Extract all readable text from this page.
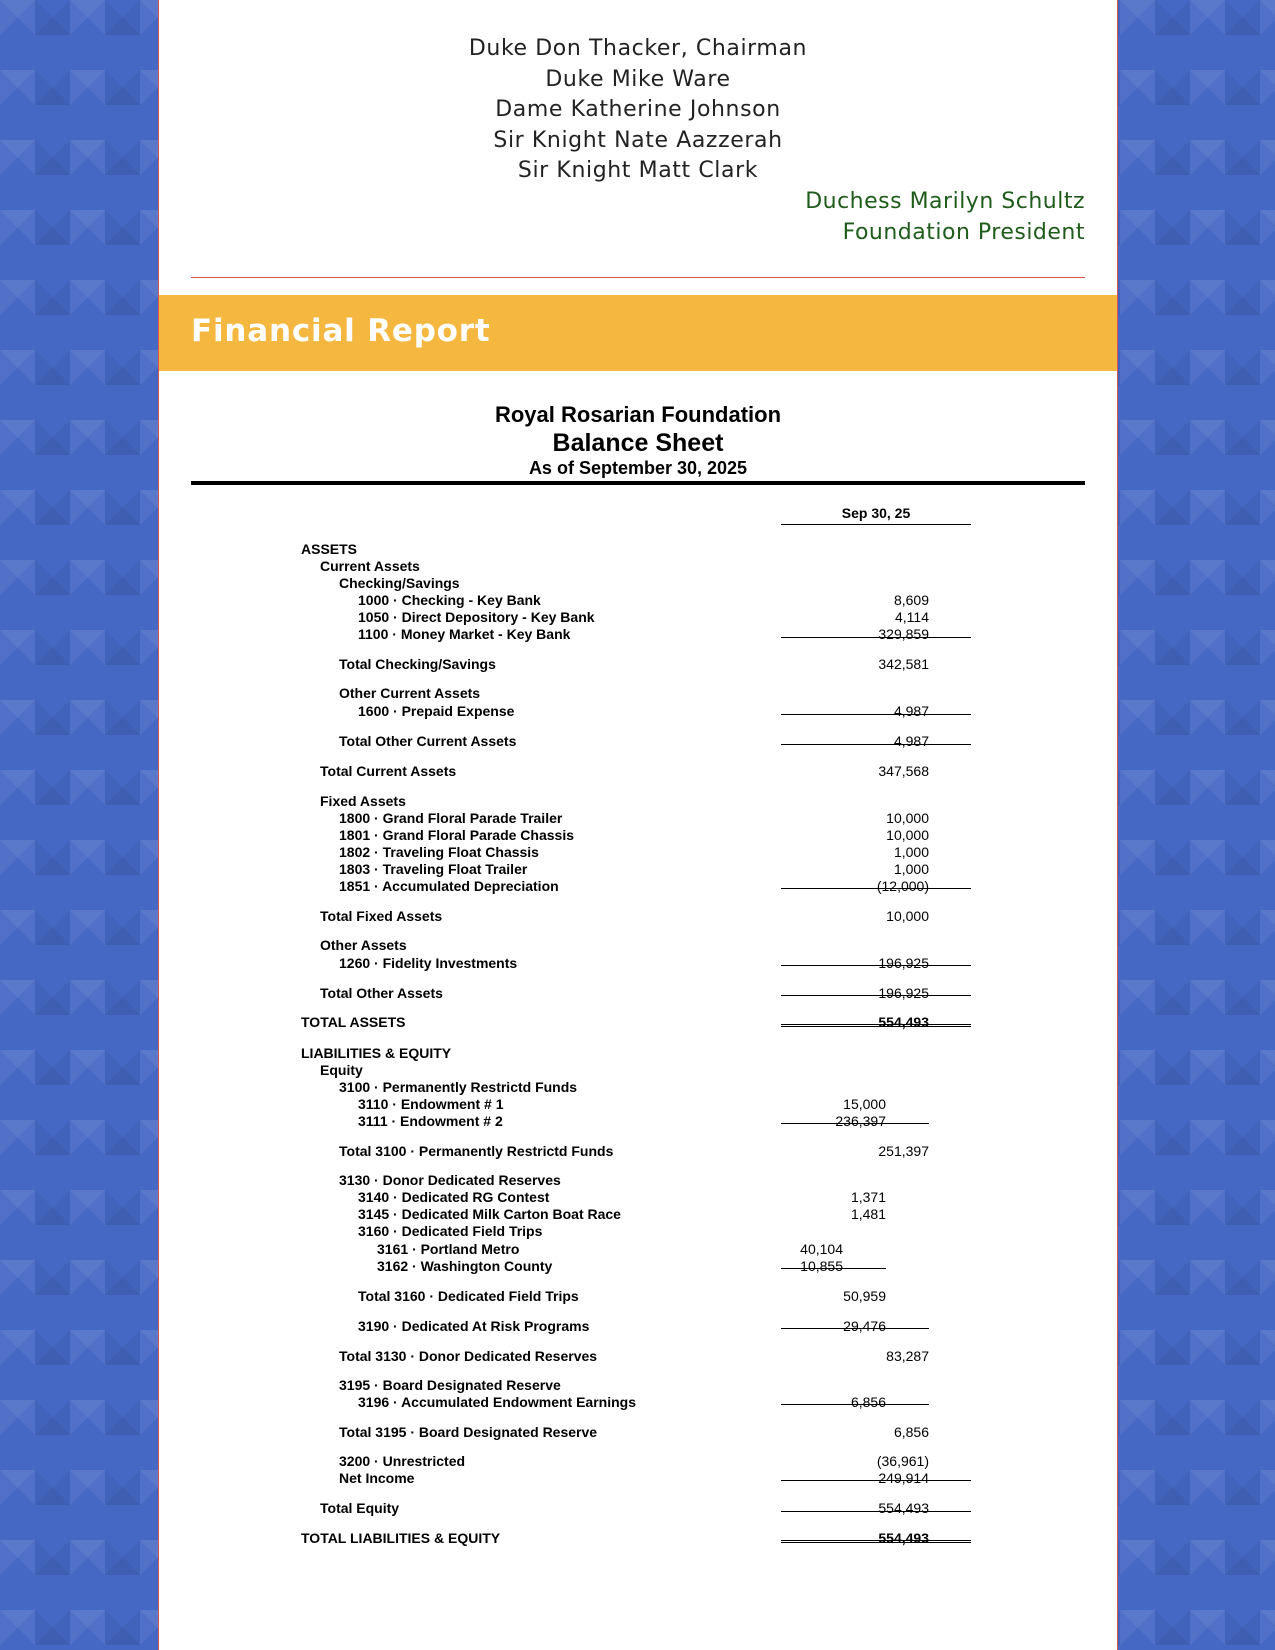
Duke Don Thacker, Chairman
Duke Mike Ware
Dame Katherine Johnson
Sir Knight Nate Aazzerah
Sir Knight Matt Clark
Duchess Marilyn Schultz
Foundation President
Financial Report
Royal Rosarian Foundation
Balance Sheet
As of September 30, 2025
Sep 30, 25
ASSETS
Current Assets
Checking/Savings
1000 · Checking - Key Bank	8,609
1050 · Direct Depository - Key Bank	4,114
1100 · Money Market - Key Bank	329,859
Total Checking/Savings	342,581
Other Current Assets
1600 · Prepaid Expense	4,987
Total Other Current Assets	4,987
Total Current Assets	347,568
Fixed Assets
1800 · Grand Floral Parade Trailer	10,000
1801 · Grand Floral Parade Chassis	10,000
1802 · Traveling Float Chassis	1,000
1803 · Traveling Float Trailer	1,000
1851 · Accumulated Depreciation	(12,000)
Total Fixed Assets	10,000
Other Assets
1260 · Fidelity Investments	196,925
Total Other Assets	196,925
TOTAL ASSETS	554,493
LIABILITIES & EQUITY
Equity
3100 · Permanently Restrictd Funds
3110 · Endowment # 1	15,000
3111 · Endowment # 2	236,397
Total 3100 · Permanently Restrictd Funds	251,397
3130 · Donor Dedicated Reserves
3140 · Dedicated RG Contest	1,371
3145 · Dedicated Milk Carton Boat Race	1,481
3160 · Dedicated Field Trips
3161 · Portland Metro	40,104
3162 · Washington County	10,855
Total 3160 · Dedicated Field Trips	50,959
3190 · Dedicated At Risk Programs	29,476
Total 3130 · Donor Dedicated Reserves	83,287
3195 · Board Designated Reserve
3196 · Accumulated Endowment Earnings	6,856
Total 3195 · Board Designated Reserve	6,856
3200 · Unrestricted	(36,961)
Net Income	249,914
Total Equity	554,493
TOTAL LIABILITIES & EQUITY	554,493
